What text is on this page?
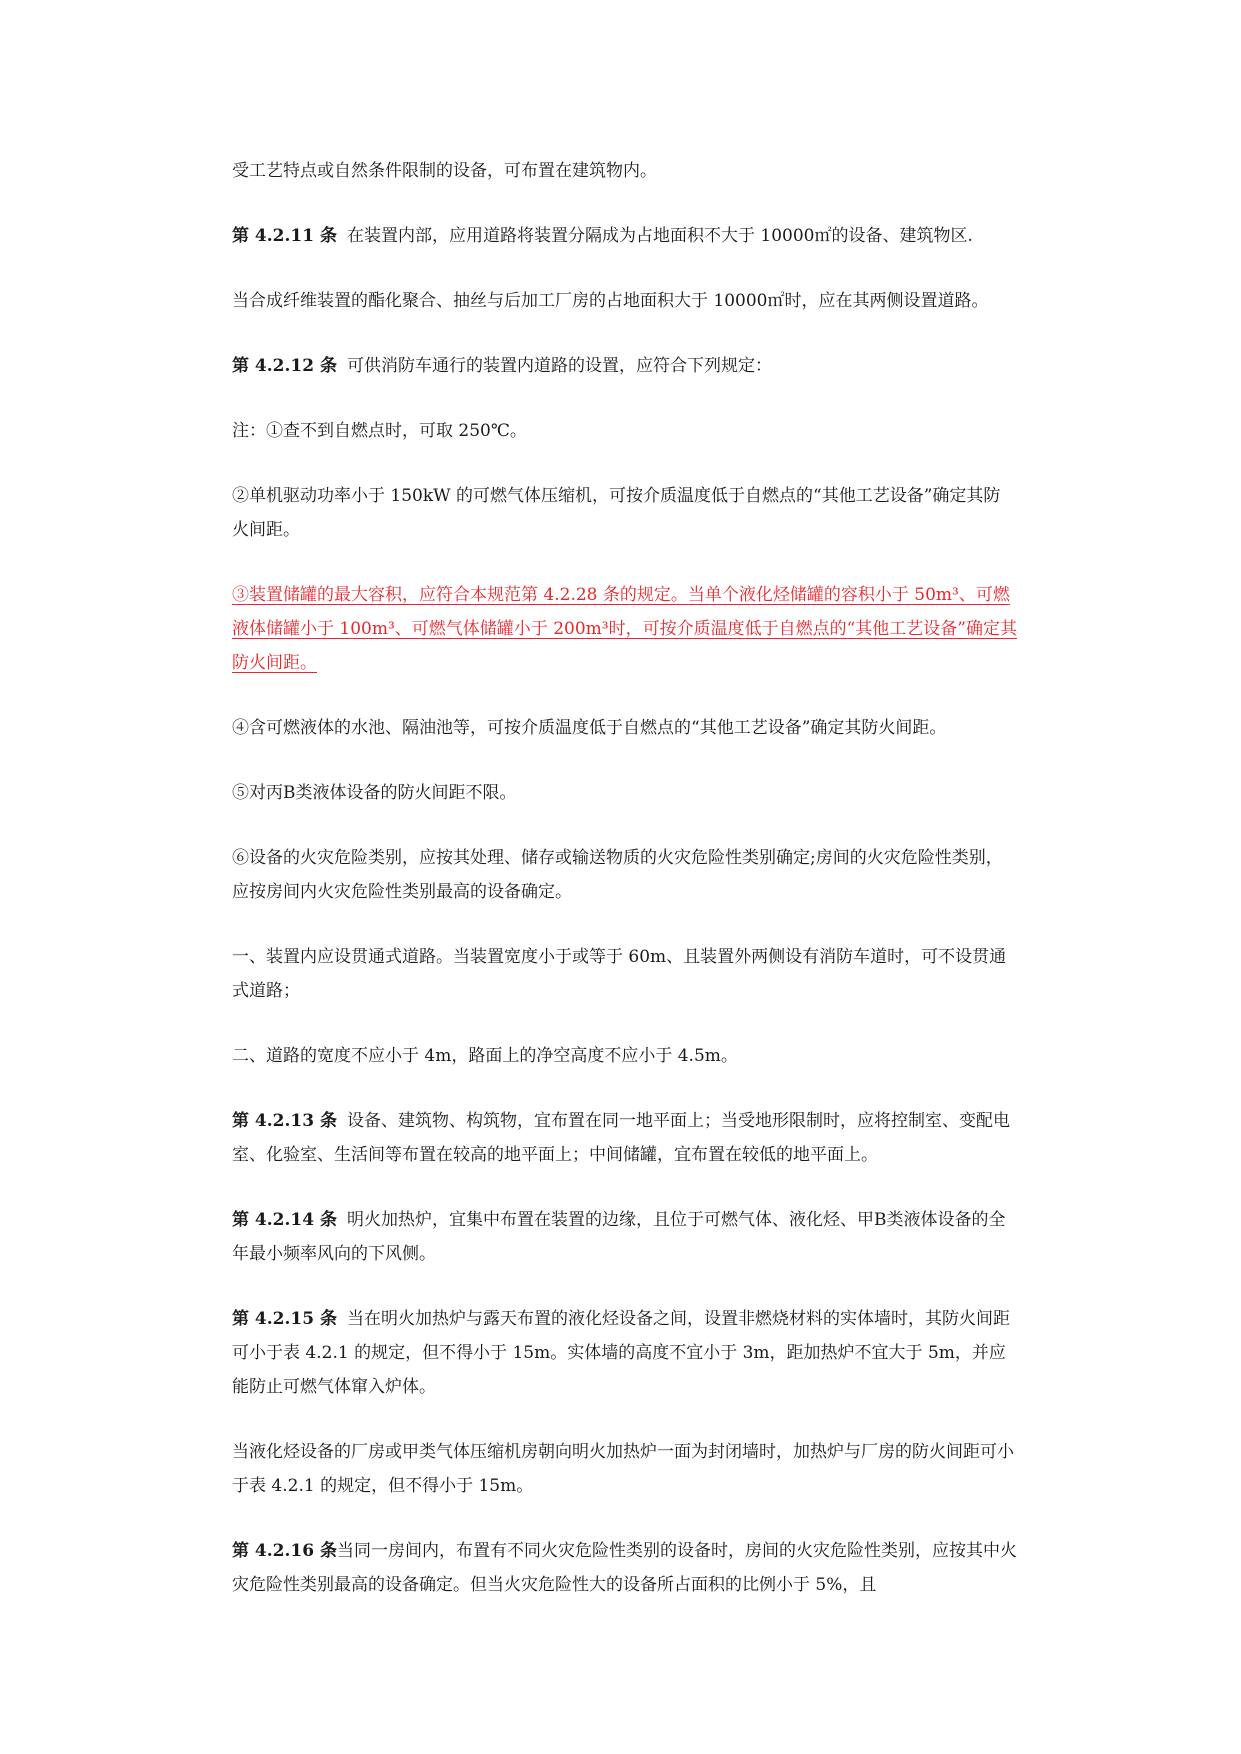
受工艺特点或自然条件限制的设备，可布置在建筑物内。

第 4.2.11 条 在装置内部，应用道路将装置分隔成为占地面积不大于 10000㎡的设备、建筑物区.

当合成纤维装置的酯化聚合、抽丝与后加工厂房的占地面积大于 10000㎡时，应在其两侧设置道路。

第 4.2.12 条 可供消防车通行的装置内道路的设置，应符合下列规定：

注：①查不到自燃点时，可取 250℃。

②单机驱动功率小于 150kW 的可燃气体压缩机，可按介质温度低于自燃点的“其他工艺设备”确定其防火间距。

③装置储罐的最大容积，应符合本规范第 4.2.28 条的规定。当单个液化烃储罐的容积小于 50m³、可燃液体储罐小于 100m³、可燃气体储罐小于 200m³时，可按介质温度低于自燃点的“其他工艺设备”确定其防火间距。

④含可燃液体的水池、隔油池等，可按介质温度低于自燃点的“其他工艺设备”确定其防火间距。

⑤对丙B类液体设备的防火间距不限。

⑥设备的火灾危险类别，应按其处理、储存或输送物质的火灾危险性类别确定;房间的火灾危险性类别，应按房间内火灾危险性类别最高的设备确定。

一、装置内应设贯通式道路。当装置宽度小于或等于 60m、且装置外两侧设有消防车道时，可不设贯通式道路；

二、道路的宽度不应小于 4m，路面上的净空高度不应小于 4.5m。

第 4.2.13 条 设备、建筑物、构筑物，宜布置在同一地平面上；当受地形限制时，应将控制室、变配电室、化验室、生活间等布置在较高的地平面上；中间储罐，宜布置在较低的地平面上。

第 4.2.14 条 明火加热炉，宜集中布置在装置的边缘，且位于可燃气体、液化烃、甲B类液体设备的全年最小频率风向的下风侧。

第 4.2.15 条 当在明火加热炉与露天布置的液化烃设备之间，设置非燃烧材料的实体墙时，其防火间距可小于表 4.2.1 的规定，但不得小于 15m。实体墙的高度不宜小于 3m，距加热炉不宜大于 5m，并应能防止可燃气体窜入炉体。

当液化烃设备的厂房或甲类气体压缩机房朝向明火加热炉一面为封闭墙时，加热炉与厂房的防火间距可小于表 4.2.1 的规定，但不得小于 15m。

第 4.2.16 条当同一房间内，布置有不同火灾危险性类别的设备时，房间的火灾危险性类别，应按其中火灾危险性类别最高的设备确定。但当火灾危险性大的设备所占面积的比例小于 5%，且
